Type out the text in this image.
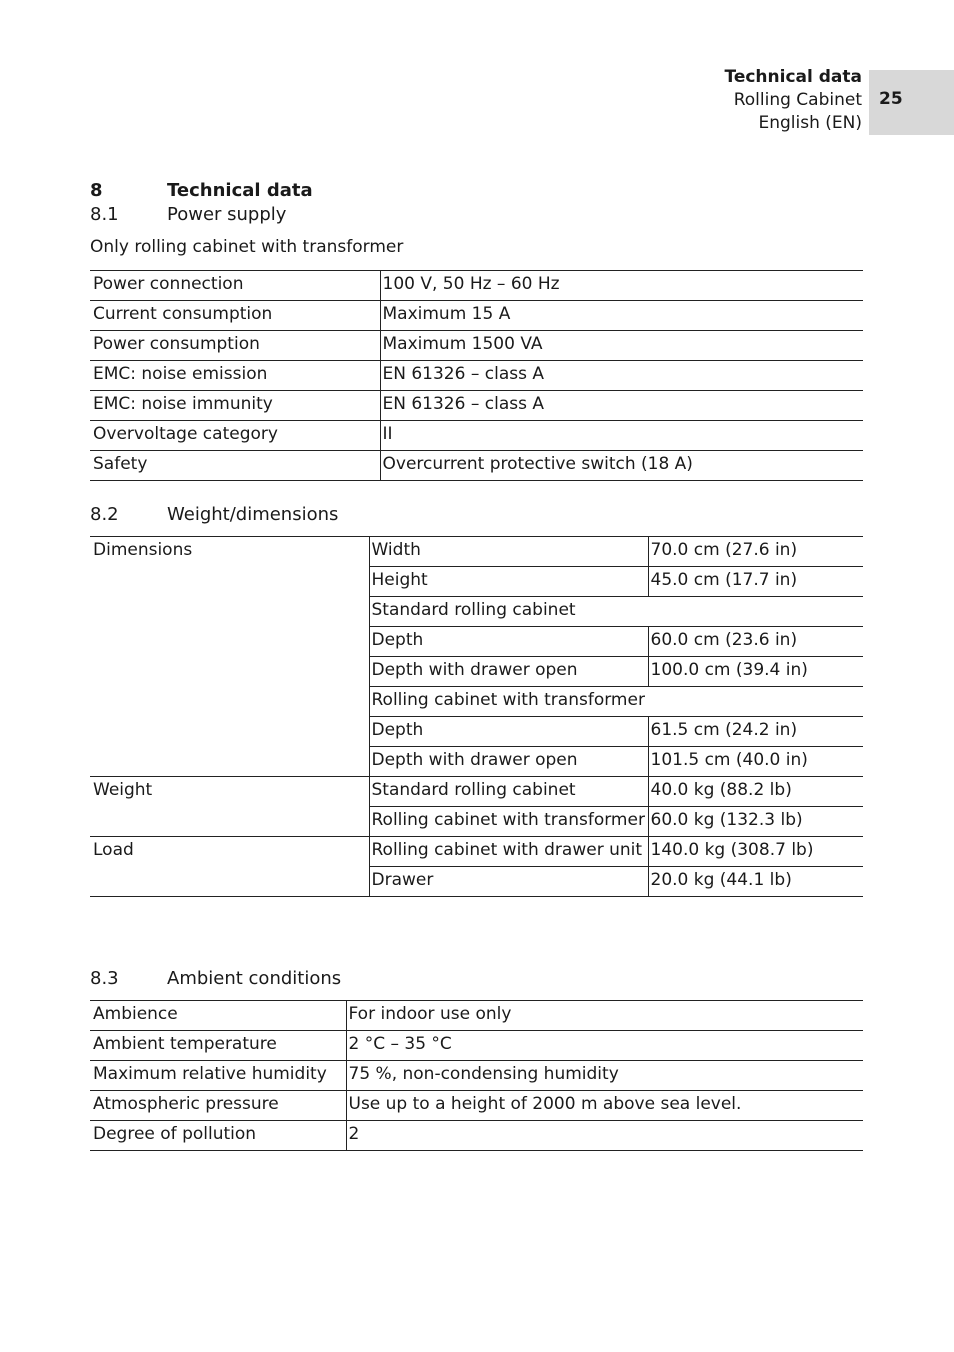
Technical data
Rolling Cabinet
English (EN)
25
8	Technical data
8.1	Power supply
Only rolling cabinet with transformer
Power connection	100 V, 50 Hz – 60 Hz
Current consumption	Maximum 15 A
Power consumption	Maximum 1500 VA
EMC: noise emission	EN 61326 – class A
EMC: noise immunity	EN 61326 – class A
Overvoltage category	II
Safety	Overcurrent protective switch (18 A)
8.2	Weight/dimensions
Dimensions	Width	70.0 cm (27.6 in)
	Height	45.0 cm (17.7 in)
	Standard rolling cabinet	
	Depth	60.0 cm (23.6 in)
	Depth with drawer open	100.0 cm (39.4 in)
	Rolling cabinet with transformer	
	Depth	61.5 cm (24.2 in)
	Depth with drawer open	101.5 cm (40.0 in)
Weight	Standard rolling cabinet	40.0 kg (88.2 lb)
	Rolling cabinet with transformer	60.0 kg (132.3 lb)
Load	Rolling cabinet with drawer unit	140.0 kg (308.7 lb)
	Drawer	20.0 kg (44.1 lb)
8.3	Ambient conditions
Ambience	For indoor use only
Ambient temperature	2 °C – 35 °C
Maximum relative humidity	75 %, non-condensing humidity
Atmospheric pressure	Use up to a height of 2000 m above sea level.
Degree of pollution	2
